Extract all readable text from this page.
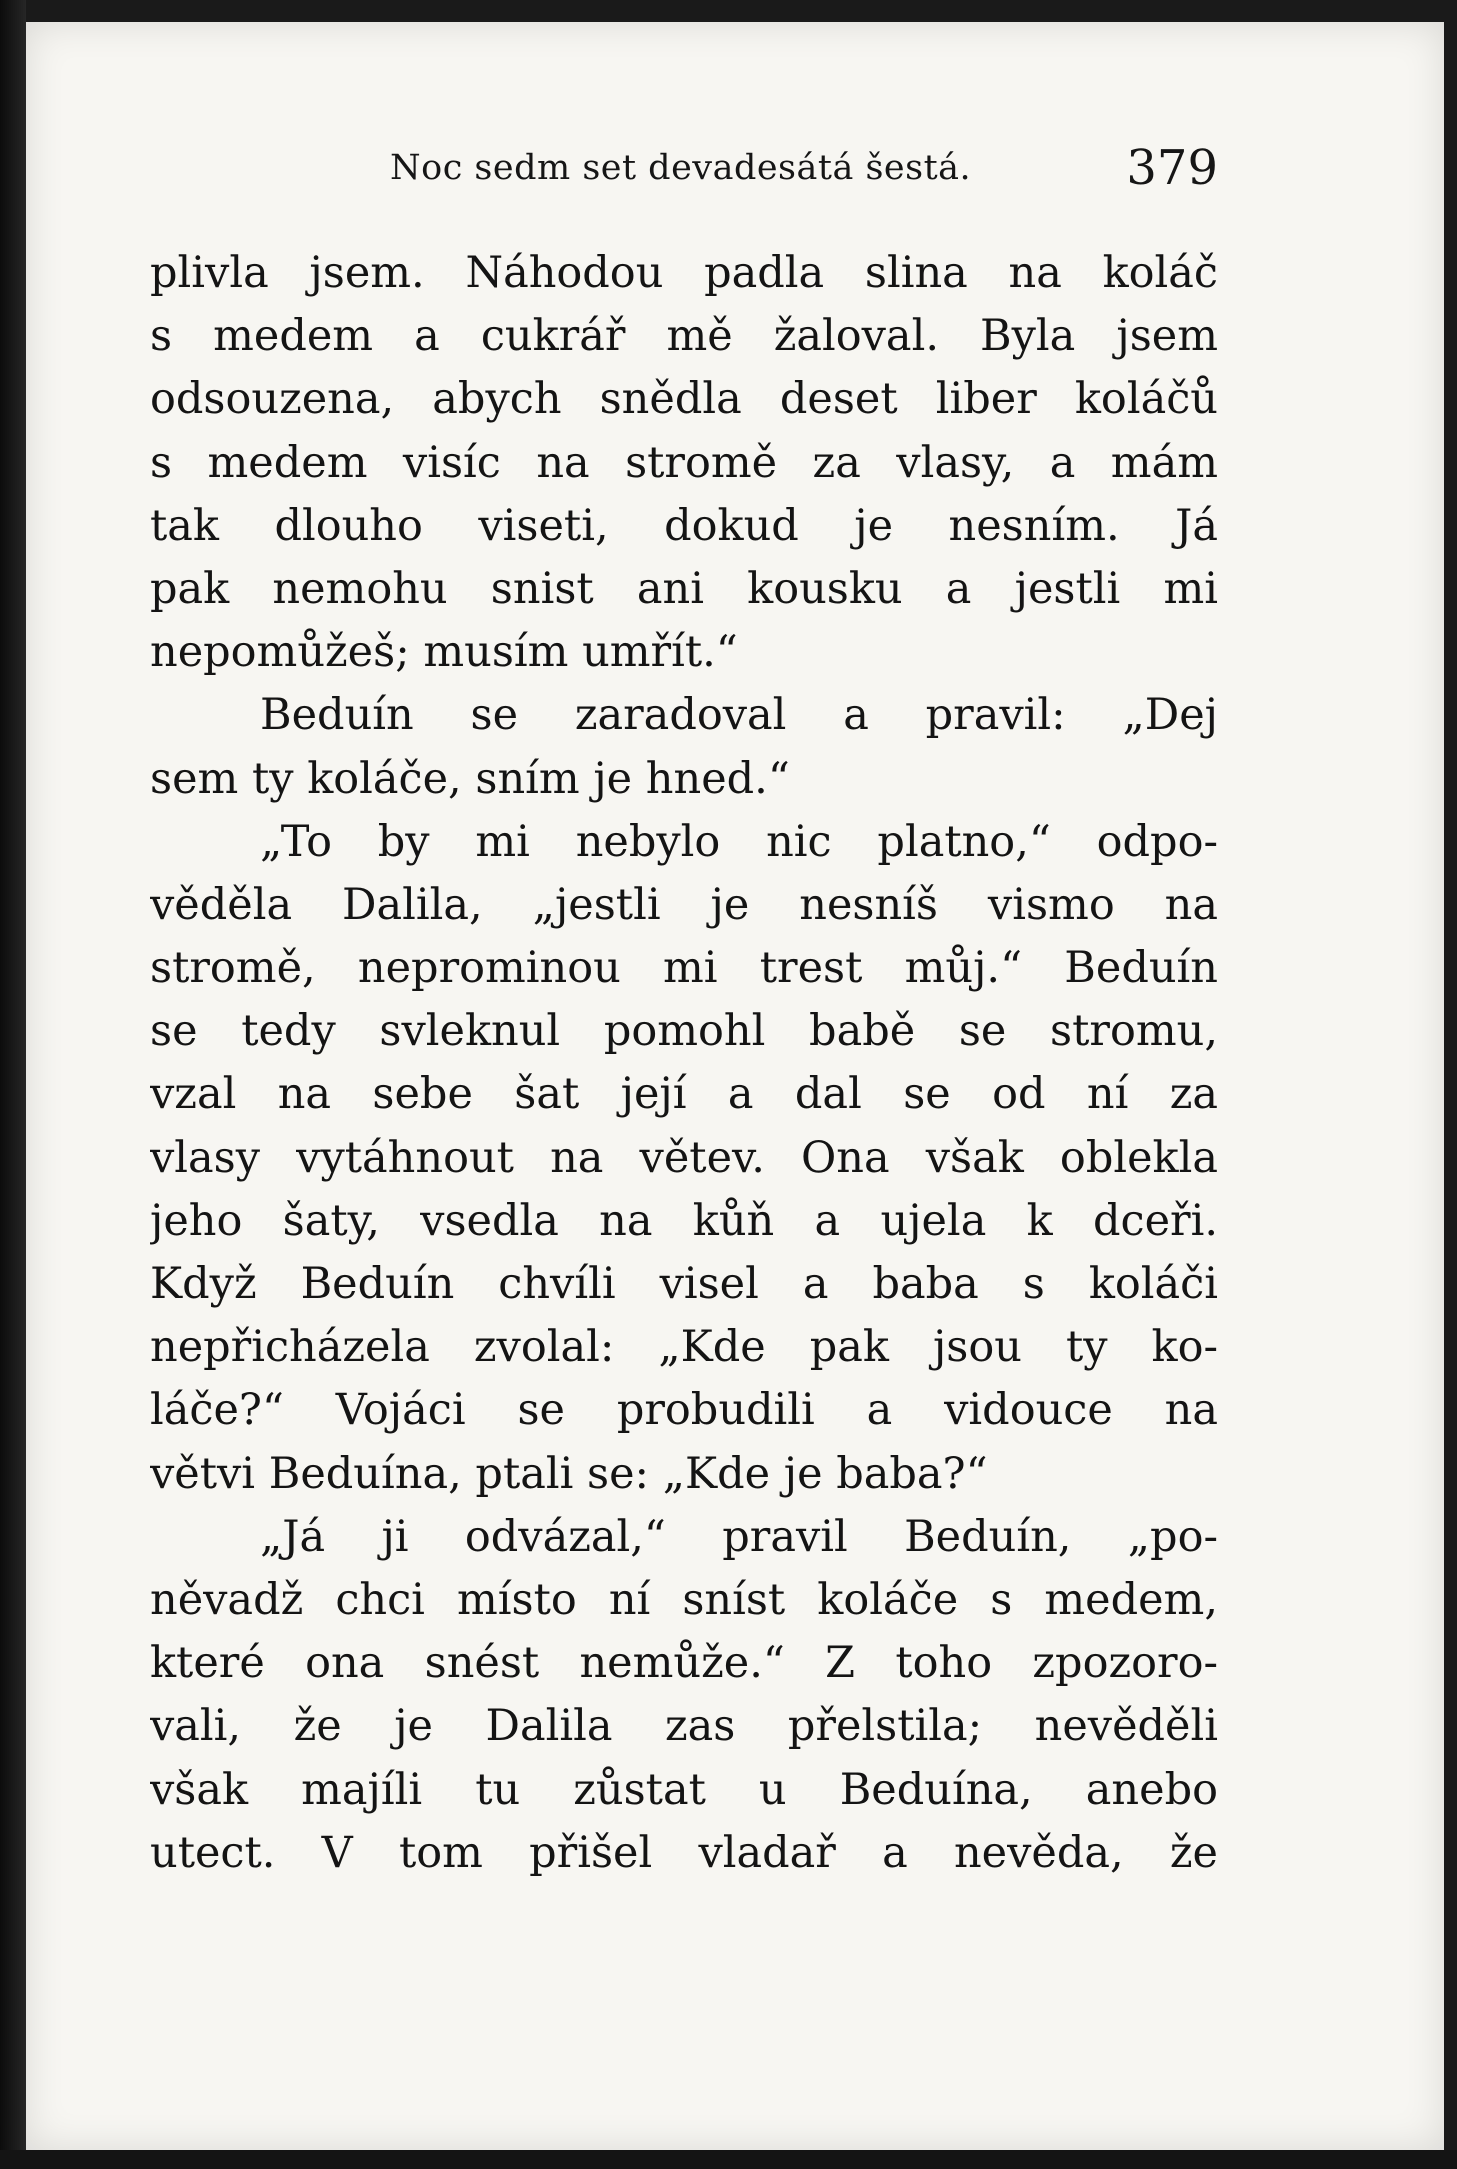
Noc sedm set devadesátá šestá.	379
plivla jsem. Náhodou padla slina na koláč
s medem a cukrář mě žaloval. Byla jsem
odsouzena, abych snědla deset liber koláčů
s medem visíc na stromě za vlasy, a mám
tak dlouho viseti, dokud je nesním. Já
pak nemohu snist ani kousku a jestli mi
nepomůžeš; musím umřít.“
Beduín se zaradoval a pravil: „Dej
sem ty koláče, sním je hned.“
„To by mi nebylo nic platno,“ odpo-
věděla Dalila, „jestli je nesníš vismo na
stromě, neprominou mi trest můj.“ Beduín
se tedy svleknul pomohl babě se stromu,
vzal na sebe šat její a dal se od ní za
vlasy vytáhnout na větev. Ona však oblekla
jeho šaty, vsedla na kůň a ujela k dceři.
Když Beduín chvíli visel a baba s koláči
nepřicházela zvolal: „Kde pak jsou ty ko-
láče?“ Vojáci se probudili a vidouce na
větvi Beduína, ptali se: „Kde je baba?“
„Já ji odvázal,“ pravil Beduín, „po-
něvadž chci místo ní sníst koláče s medem,
které ona snést nemůže.“ Z toho zpozoro-
vali, že je Dalila zas přelstila; nevěděli
však majíli tu zůstat u Beduína, anebo
utect. V tom přišel vladař a nevěda, že
